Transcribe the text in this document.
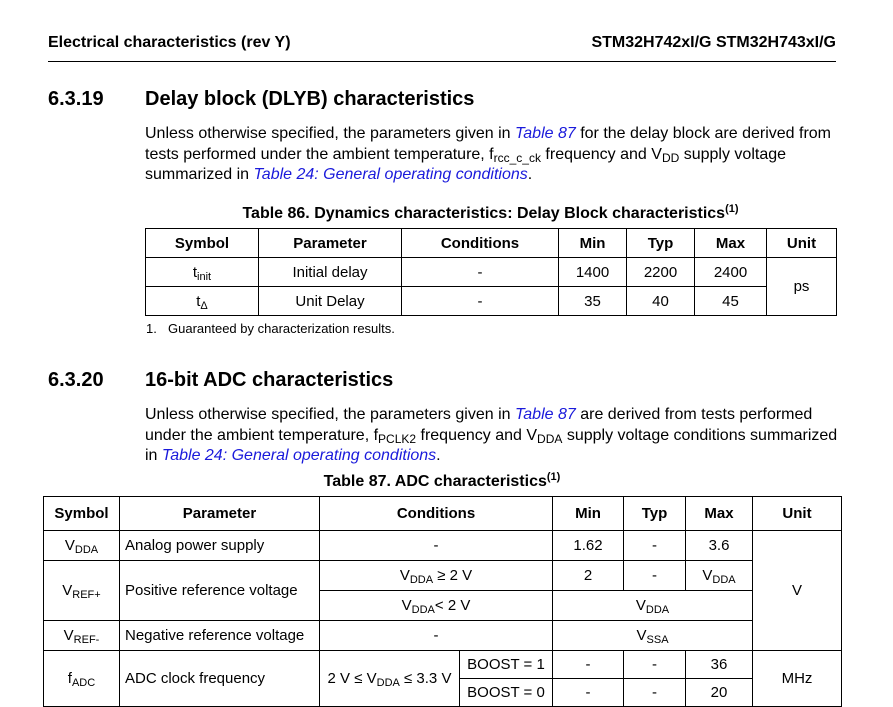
Electrical characteristics (rev Y)	STM32H742xI/G STM32H743xI/G
6.3.19 Delay block (DLYB) characteristics
Unless otherwise specified, the parameters given in Table 87 for the delay block are derived from tests performed under the ambient temperature, $f_{rcc\_c\_ck}$ frequency and $V_{DD}$ supply voltage summarized in Table 24: General operating conditions.
Table 86. Dynamics characteristics: Delay Block characteristics$^{(1)}$
Symbol	Parameter	Conditions	Min	Typ	Max	Unit
$t_{init}$	Initial delay	-	1400	2200	2400	ps
$t_\Delta$	Unit Delay	-	35	40	45	
1. Guaranteed by characterization results.
6.3.20 16-bit ADC characteristics
Unless otherwise specified, the parameters given in Table 87 are derived from tests performed under the ambient temperature, $f_{PCLK2}$ frequency and $V_{DDA}$ supply voltage conditions summarized in Table 24: General operating conditions.
Table 87. ADC characteristics$^{(1)}$
Symbol	Parameter	Conditions		Min	Typ	Max	Unit
$V_{DDA}$	Analog power supply	-		1.62	-	3.6	V
$V_{REF+}$	Positive reference voltage	$V_{DDA} \ge 2$ V		2	-	$V_{DDA}$
		$V_{DDA}< 2$ V		$V_{DDA}$
$V_{REF-}$	Negative reference voltage	-		$V_{SSA}$
$f_{ADC}$	ADC clock frequency	2 $V \le V_{DDA} \le 3.3$ V	BOOST = 1	-	-	36	MHz
			BOOST = 0	-	-	20	
